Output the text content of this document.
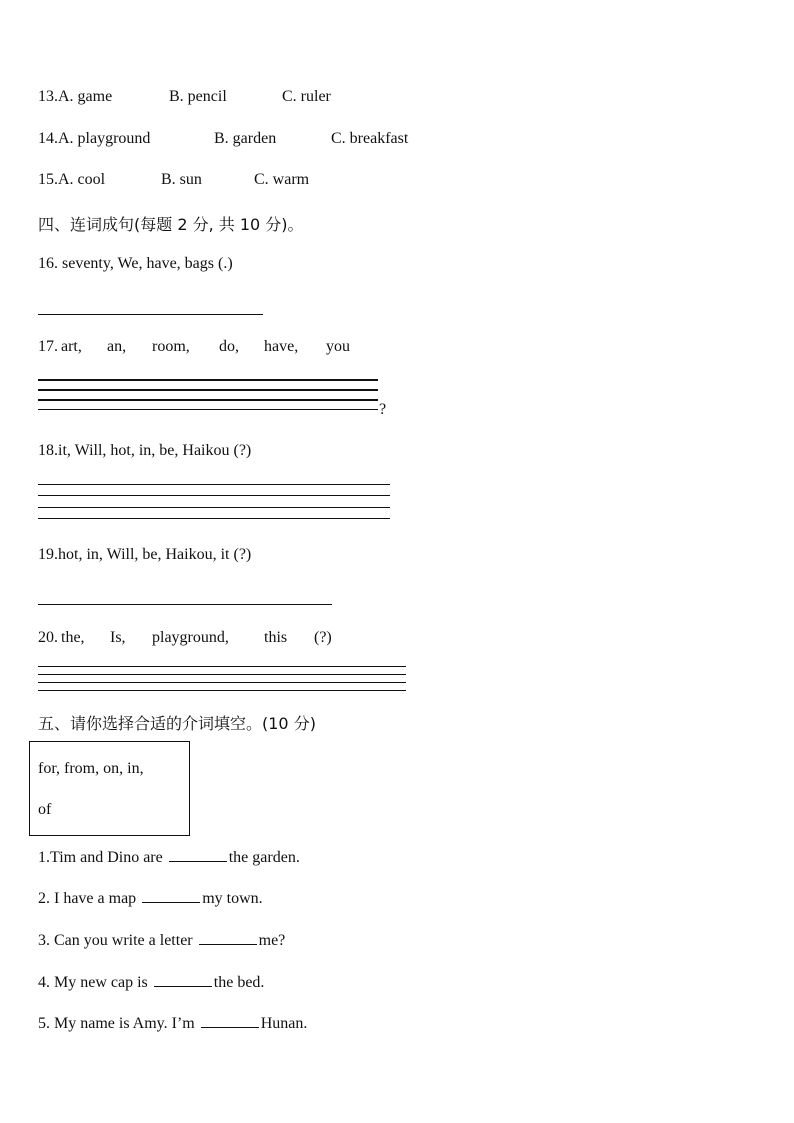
13.A. game	B. pencil	C. ruler
14.A. playground	B. garden	C. breakfast
15.A. cool	B. sun	C. warm
四、连词成句(每题 2 分, 共 10 分)。
16. seventy, We, have, bags (.)
17. art, an, room, do, have, you
?
18.it, Will, hot, in, be, Haikou (?)
19.hot, in, Will, be, Haikou, it (?)
20. the, Is, playground, this (?)
五、请你选择合适的介词填空。(10 分)
for, from, on, in,
of
1.Tim and Dino are	the garden.
2. I have a map	my town.
3. Can you write a letter	me?
4. My new cap is	the bed.
5. My name is Amy. I’m	Hunan.
